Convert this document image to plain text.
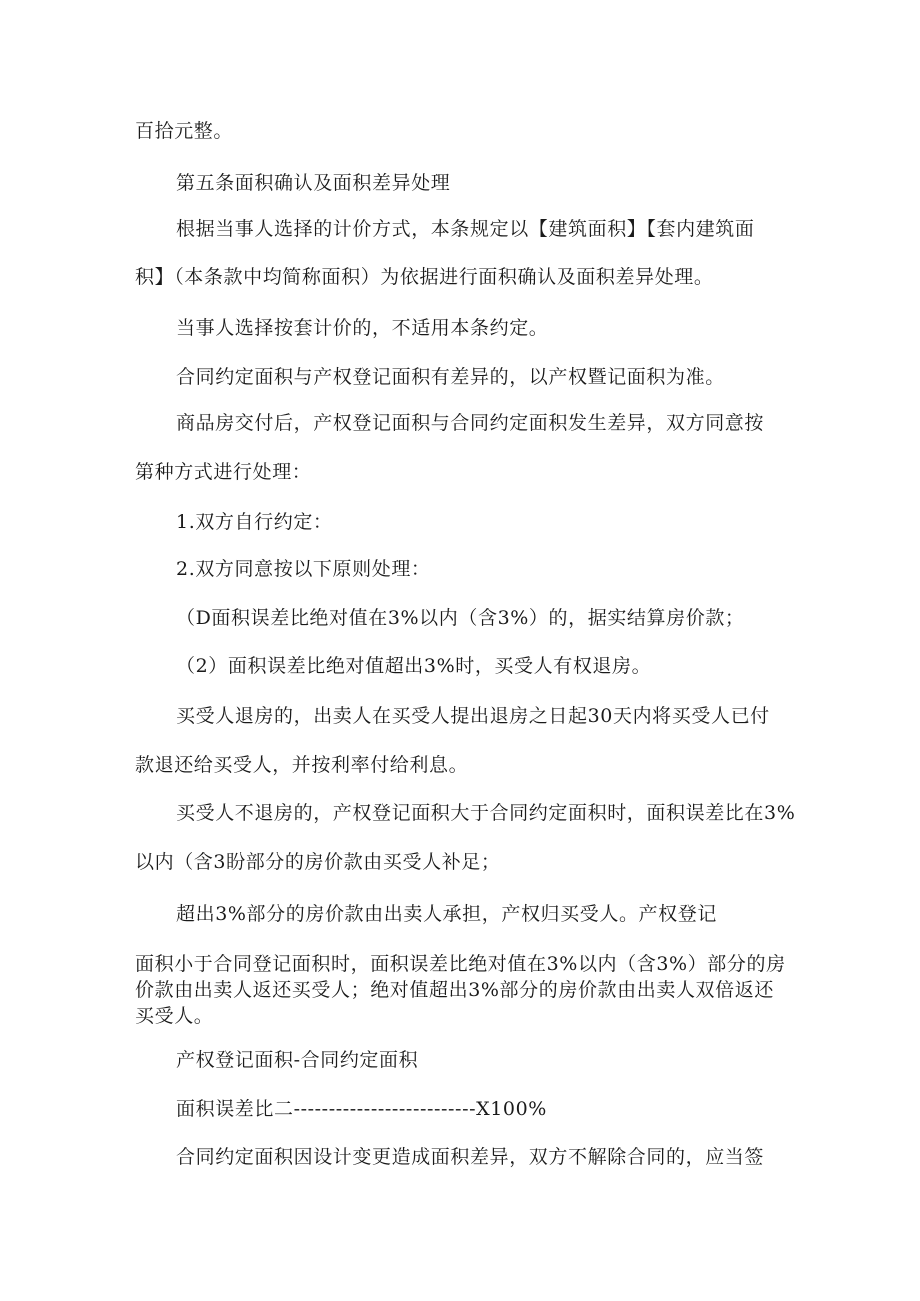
百拾元整。
第五条面积确认及面积差异处理
根据当事人选择的计价方式，本条规定以【建筑面积】【套内建筑面
积】（本条款中均简称面积）为依据进行面积确认及面积差异处理。
当事人选择按套计价的，不适用本条约定。
合同约定面积与产权登记面积有差异的，以产权暨记面积为准。
商品房交付后，产权登记面积与合同约定面积发生差异，双方同意按
第种方式进行处理：
1.双方自行约定：
2.双方同意按以下原则处理：
（D面积误差比绝对值在3%以内（含3%）的，据实结算房价款；
（2）面积误差比绝对值超出3%时，买受人有权退房。
买受人退房的，出卖人在买受人提出退房之日起30天内将买受人已付
款退还给买受人，并按利率付给利息。
买受人不退房的，产权登记面积大于合同约定面积时，面积误差比在3%
以内（含3盼部分的房价款由买受人补足；
超出3%部分的房价款由出卖人承担，产权归买受人。产权登记
面积小于合同登记面积时，面积误差比绝对值在3%以内（含3%）部分的房
价款由出卖人返还买受人；绝对值超出3%部分的房价款由出卖人双倍返还
买受人。
产权登记面积-合同约定面积
面积误差比二--------------------------X100%
合同约定面积因设计变更造成面积差异，双方不解除合同的，应当签
